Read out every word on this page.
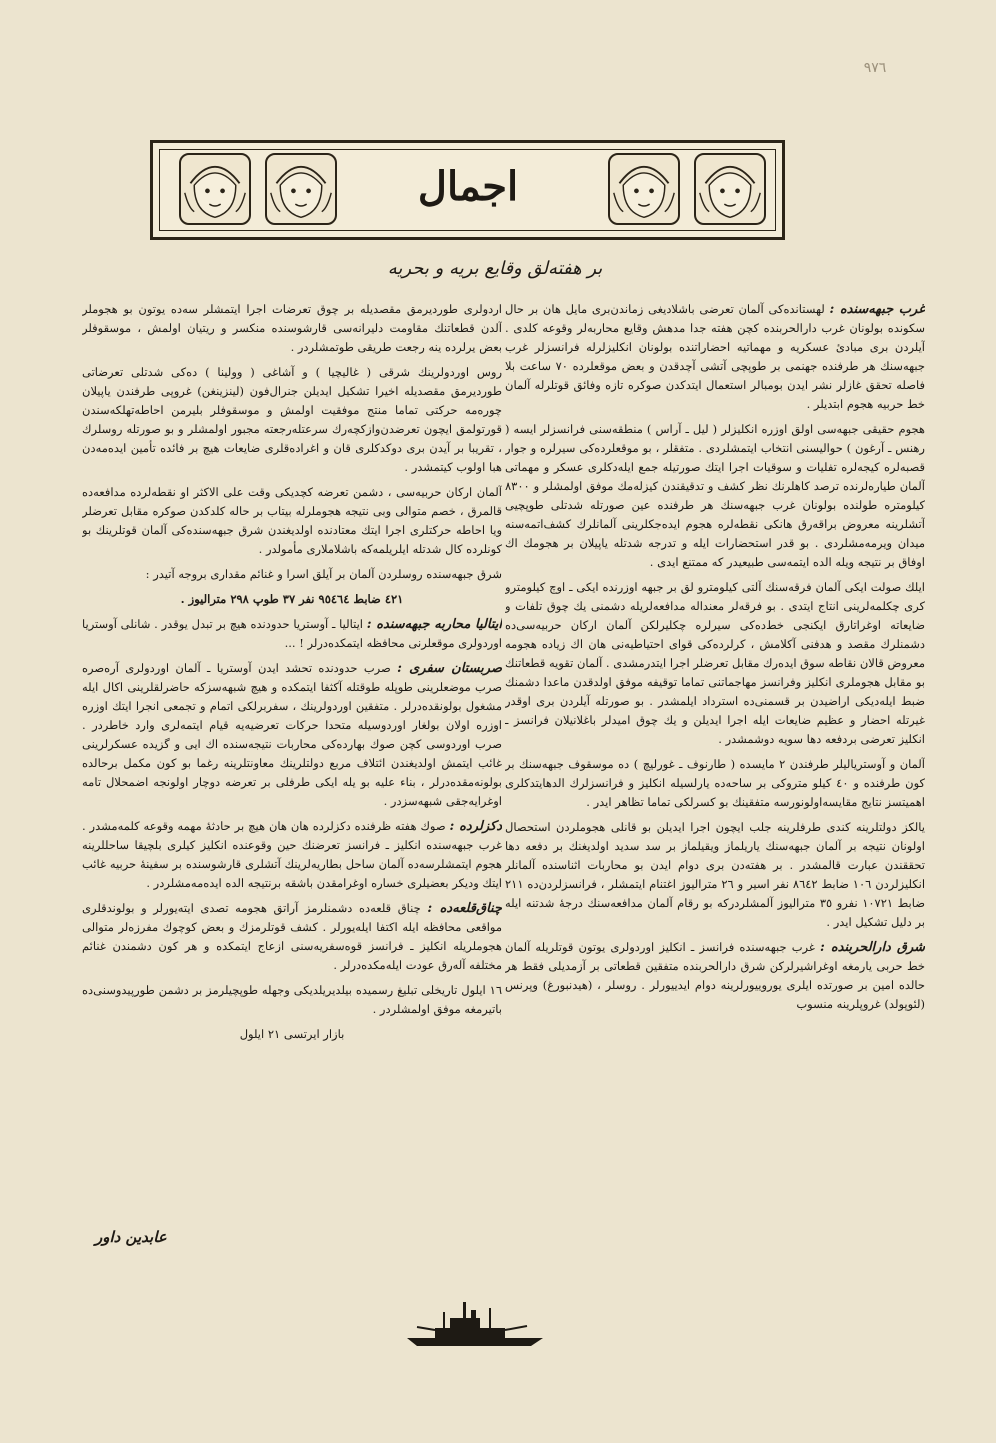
٩٧٦
اجمال
بر هفته‌لق وقایع بریه و بحریه

غرب جبهه‌سنده : لهستانده‌كی آلمان تعرضی باشلادیغی زماندن‌بری مایل هان بر حال سكونده بولونان غرب دارالحربنده كچن هفته جدا مدهش وقایع محاربه‌لر وقوعه كلدی . آیلردن بری مبادیٔ عسكریه و مهماتیه احضاراتنده بولونان انكلیزلرله فرانسزلر غرب جبهه‌سنك هر طرفنده جهنمی بر طوپچی آتشی آچدقدن و بعض موقعلرده ٧٠ ساعت بلا فاصله تحقق غازلر نشر ایدن بومبالر استعمال ایتدكدن صوكره تازه وفائق قوتلرله آلمان خط حربیه هجوم ابتدیلر .

هجوم حقیقی جبهه‌سی اولق اوزره انكلیزلر ( لیل ـ آراس ) منطقه‌سنی فرانسزلر ایسه ( رهنس ـ آرغون ) حوالیسنی انتخاب ایتمشلردی . متفقلر ، بو موقعلرده‌كی سیرلره و جوار قصبه‌لره كیجه‌لره تفلیات و سوقیات اجرا ایتك صورتیله جمع ایله‌دكلری عسكر و مهماتی آلمان طیاره‌لرنده ترصد كاهلرنك نظر كشف و تدقیقندن كیزله‌مك موفق اولمشلر و ٨٣٠٠ كیلومتره طولنده بولونان غرب جبهه‌سنك هر طرفنده عین صورتله شدتلی طوپچیی آتشلرینه معروض براقه‌رق هانكی نقطه‌لره هجوم ایده‌جكلرینی آلمانلرك كشف‌اتمه‌سنه میدان ویرمه‌مشلردی . بو قدر استحضارات ایله و تدرجه شدتله یاپیلان بر هجومك اك اوفاق بر نتیجه ویله الده ایتمه‌سی طبیعیدر كه ممتنع ایدی .

ایلك صولت ایكی آلمان فرقه‌سنك آلتی كیلومترو لق بر جبهه اوزرنده ایكی ـ اوچ كیلومترو كری چكلمه‌لرینی انتاج ایتدی . بو فرقه‌لر معنداله مدافعه‌لریله دشمنی یك چوق تلفات و ضایعاته اوغراتارق ایكنجی خط‌ده‌كی سیرلره چكلیرلكن آلمان اركان حربیه‌سی‌ده دشمنلرك مقصد و هدفنی آكلامش ، كرلرده‌كی قوای احتیاطیه‌نی هان اك زیاده هجومه معروض قالان نقاطه سوق ایده‌رك مقابل تعرضلر اجرا ایتدرمشدی . آلمان تقویه قطعاتنك بو مقابل هجوملری انكلیز وفرانسز مهاجماتنی تماما توقیفه موفق اولدقدن ماعدا دشمنك ضبط ایله‌دیكی اراضیدن بر قسمنی‌ده استرداد ایلمشدر . بو صورتله آیلردن بری اوقدر غیرتله احضار و عظیم ضایعات ایله اجرا ایدیلن و یك چوق امیدلر باغلانیلان فرانسز ـ انكلیز تعرضی بردفعه دها سویه دوشمشدر .

آلمان و آوستریالیلر طرفندن ٢ مایسده ( طارنوف ـ غورلیچ ) ده موسقوف جبهه‌سنك بر كون طرفنده و ٤٠ كیلو متروكی بر ساحه‌ده یارلسیله انكلیز و فرانسزلرك الدهایتدكلری اهمیتسز نتایج مقایسه‌اولونورسه متفقینك بو كسرلكی تماما تظاهر ایدر .

یالكز دولتلرینه كندی طرفلرینه جلب ایچون اجرا ایدیلن بو قانلی هجوملردن استحصال اولونان نتیجه بر آلمان جبهه‌سنك یاریلماز ویقیلماز بر سد سدید اولدیغنك بر دفعه دها تحققندن عبارت قالمشدر . بر هفته‌دن بری دوام ایدن بو محاربات اثناسنده آلمانلر انكلیزلردن ١٠٦ ضابط ٨٦٤٢ نفر اسیر و ٢٦ متراليوز اغتنام ایتمشلر ، فرانسزلردن‌ده ٢١١ ضابط ١٠٧٢١ نفرو ٣٥ متراليوز آلمشلردركه بو رقام آلمان مدافعه‌سنك درجهٔ شدتنه ایله بر دلیل تشكیل ایدر .

شرق دارالحربنده : غرب جبهه‌سنده فرانسز ـ انكلیز اوردولری یوتون قوتلریله آلمان خط حربی یارمغه اوغراشیرلركن شرق دارالحربنده متفقین قطعاتی بر آزمدیلی فقط هر حالده امین بر صورتده ایلری یوروییورلرینه دوام ایدییورلر . روسلر ، (هیدنبورغ) وپرنس (لئوپولد) غروپلرینه منسوب

اردولری طوردیرمق مقصدیله بر چوق تعرضات اجرا ایتمشلر سه‌ده یوتون بو هجوملر آلدن قطعاتنك مقاومت دلیرانه‌سی قارشوسنده منكسر و ریتیان اولمش ، موسقوفلر بعض یرلرده ینه رجعت طریقی طوتمشلردر .

روس اوردولرینك شرقی ( غالیچیا ) و آشاغی ( وولینا ) ده‌كی شدتلی تعرضاتی طوردیرمق مقصدیله اخیرا تشكیل ایدیلن جنرال‌فون (لینزینغن) غروپی طرفندن یاپیلان چوره‌مه حركتی تماما منتج موفقیت اولمش و موسقوفلر بلیرمن احاطه‌تهلكه‌سندن قورتولمق ایچون تعرضدن‌وازكچه‌رك سرعتله‌رجعته مجبور اولمشلر و بو صورتله روسلرك ، تقریبا بر آیدن بری دوكدكلری قان و اغراده‌قلری ضایعات هیچ بر فائده تأمین ایده‌مه‌دن هبا اولوب كیتمشدر .

آلمان اركان حربیه‌سی ، دشمن تعرضه كچدیكی وقت علی الاكثر او نقطه‌لرده مدافعه‌ده قالمرق ، خصم متوالی وبی نتیجه هجوملرله بیتاب بر حاله كلدكدن صوكره مقابل تعرضلر ویا احاطه حركتلری اجرا ایتك معتادنده اولدیغندن شرق جبهه‌سنده‌كی آلمان قوتلرینك بو كونلرده كال شدتله ایلریلمه‌كه باشلاملاری مأمولدر .

شرق جبهه‌سنده روسلردن آلمان بر آیلق اسرا و غنائم مقداری بروجه آتیدر :

٤٢١ ضابط ٩٥٤٦٤ نفر ٣٧ طوپ ٢٩٨ متراليوز .

ایتالیا محاربه جبهه‌سنده : ایتالیا ـ آوستریا حدودنده هیچ بر تبدل یوقدر . شانلی آوستریا اوردولری موقعلرنی محافظه ایتمكده‌درلر ! ...

صربستان سفری : صرب حدودنده تحشد ایدن آوستریا ـ آلمان اوردولری آره‌صره صرب موضعلرینی طوپله طوقتله آكثفا ایتمكده و هیچ شبهه‌سزكه حاضرلقلرینی اكال ایله مشغول بولونقده‌درلر . متفقین اوردولرینك ، سفربرلكی اتمام و تجمعی انجرا ایتك اوزره اوزره اولان بولغار اوردوسیله متحدا حركات تعرضیه‌یه قیام ایتمه‌لری وارد خاطردر . صرب اوردوسی كچن صوك بهارده‌كی محاربات نتیجه‌سنده اك ایی و گزیده عسكرلرینی غائب ایتمش اولدیغندن ائتلاف مربع دولتلرینك معاونتلرینه رغما بو كون مكمل برحالده بولونه‌مقده‌درلر ، بناء علیه بو یله ایكی طرفلی بر تعرضه دوچار اولونجه اضمحلال تامه اوغرایه‌جقی شبهه‌سزدر .

دكزلرده : صوك هفته ظرفنده دكزلرده هان هان هیچ بر حادثهٔ مهمه وقوعه كلمه‌مشدر . غرب جبهه‌سنده انكلیز ـ فرانسز تعرضنك حین وقوعنده انكلیز كیلری بلچیقا ساحللرینه هجوم ایتمشلرسه‌ده آلمان ساحل بطاریه‌لرینك آتشلری قارشوسنده بر سفینهٔ حربیه غائب ایتك ودیكر بعضیلری خساره اوغرامقدن باشقه برنتیجه الده ایده‌مه‌مشلردر .

چناق‌قلعه‌ده : چناق قلعه‌ده دشمنلرمز آراتق هجومه تصدی ایته‌یورلر و بولوندقلری مواقعی محافظه ایله اكتفا ایله‌یورلر . كشف قوتلرمزك و بعض كوچوك مفرزه‌لر متوالی هجوملریله انكلیز ـ فرانسز قوه‌سفریه‌سنی ازعاج ایتمكده و هر كون دشمندن غنائم مختلفه آله‌رق عودت ایله‌مكده‌درلر .

١٦ ایلول تاریخلی تبلیغ رسمیده بیلدیریلدیكی وجهله طوپچیلرمز بر دشمن طورپیدوسنی‌ده باتیرمغه موفق اولمشلردر .

بازار ایرتسی ٢١ ایلول

عابدین داور
